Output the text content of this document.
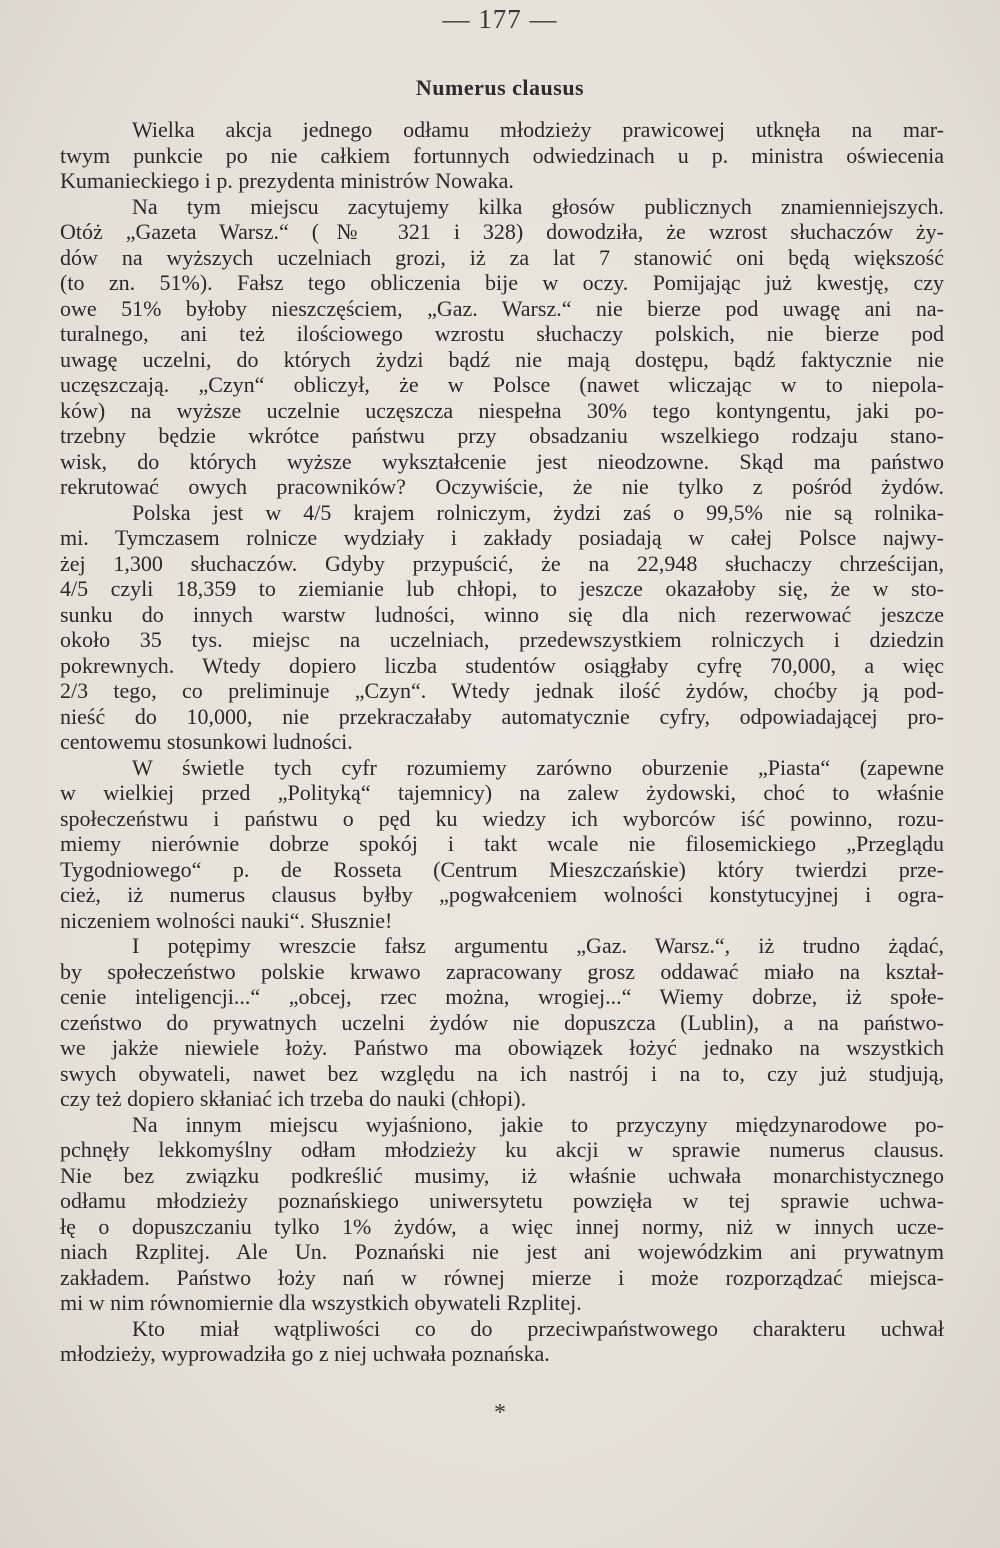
— 177 —
Numerus clausus
Wielka akcja jednego odłamu młodzieży prawicowej utknęła na mar-
twym punkcie po nie całkiem fortunnych odwiedzinach u p. ministra oświecenia
Kumanieckiego i p. prezydenta ministrów Nowaka.
Na tym miejscu zacytujemy kilka głosów publicznych znamienniejszych.
Otóż „Gazeta Warsz.“ (№ 321 i 328) dowodziła, że wzrost słuchaczów ży-
dów na wyższych uczelniach grozi, iż za lat 7 stanowić oni będą większość
(to zn. 51%). Fałsz tego obliczenia bije w oczy. Pomijając już kwestję, czy
owe 51% byłoby nieszczęściem, „Gaz. Warsz.“ nie bierze pod uwagę ani na-
turalnego, ani też ilościowego wzrostu słuchaczy polskich, nie bierze pod
uwagę uczelni, do których żydzi bądź nie mają dostępu, bądź faktycznie nie
uczęszczają. „Czyn“ obliczył, że w Polsce (nawet wliczając w to niepola-
ków) na wyższe uczelnie uczęszcza niespełna 30% tego kontyngentu, jaki po-
trzebny będzie wkrótce państwu przy obsadzaniu wszelkiego rodzaju stano-
wisk, do których wyższe wykształcenie jest nieodzowne. Skąd ma państwo
rekrutować owych pracowników? Oczywiście, że nie tylko z pośród żydów.
Polska jest w 4/5 krajem rolniczym, żydzi zaś o 99,5% nie są rolnika-
mi. Tymczasem rolnicze wydziały i zakłady posiadają w całej Polsce najwy-
żej 1,300 słuchaczów. Gdyby przypuścić, że na 22,948 słuchaczy chrześcijan,
4/5 czyli 18,359 to ziemianie lub chłopi, to jeszcze okazałoby się, że w sto-
sunku do innych warstw ludności, winno się dla nich rezerwować jeszcze
około 35 tys. miejsc na uczelniach, przedewszystkiem rolniczych i dziedzin
pokrewnych. Wtedy dopiero liczba studentów osiągłaby cyfrę 70,000, a więc
2/3 tego, co preliminuje „Czyn“. Wtedy jednak ilość żydów, choćby ją pod-
nieść do 10,000, nie przekraczałaby automatycznie cyfry, odpowiadającej pro-
centowemu stosunkowi ludności.
W świetle tych cyfr rozumiemy zarówno oburzenie „Piasta“ (zapewne
w wielkiej przed „Polityką“ tajemnicy) na zalew żydowski, choć to właśnie
społeczeństwu i państwu o pęd ku wiedzy ich wyborców iść powinno, rozu-
miemy nierównie dobrze spokój i takt wcale nie filosemickiego „Przeglądu
Tygodniowego“ p. de Rosseta (Centrum Mieszczańskie) który twierdzi prze-
cież, iż numerus clausus byłby „pogwałceniem wolności konstytucyjnej i ogra-
niczeniem wolności nauki“. Słusznie!
I potępimy wreszcie fałsz argumentu „Gaz. Warsz.“, iż trudno żądać,
by społeczeństwo polskie krwawo zapracowany grosz oddawać miało na kształ-
cenie inteligencji...“ „obcej, rzec można, wrogiej...“ Wiemy dobrze, iż społe-
czeństwo do prywatnych uczelni żydów nie dopuszcza (Lublin), a na państwo-
we jakże niewiele łoży. Państwo ma obowiązek łożyć jednako na wszystkich
swych obywateli, nawet bez względu na ich nastrój i na to, czy już studjują,
czy też dopiero skłaniać ich trzeba do nauki (chłopi).
Na innym miejscu wyjaśniono, jakie to przyczyny międzynarodowe po-
pchnęły lekkomyślny odłam młodzieży ku akcji w sprawie numerus clausus.
Nie bez związku podkreślić musimy, iż właśnie uchwała monarchistycznego
odłamu młodzieży poznańskiego uniwersytetu powzięła w tej sprawie uchwa-
łę o dopuszczaniu tylko 1% żydów, a więc innej normy, niż w innych ucze-
niach Rzplitej. Ale Un. Poznański nie jest ani wojewódzkim ani prywatnym
zakładem. Państwo łoży nań w równej mierze i może rozporządzać miejsca-
mi w nim równomiernie dla wszystkich obywateli Rzplitej.
Kto miał wątpliwości co do przeciwpaństwowego charakteru uchwał
młodzieży, wyprowadziła go z niej uchwała poznańska.
*
